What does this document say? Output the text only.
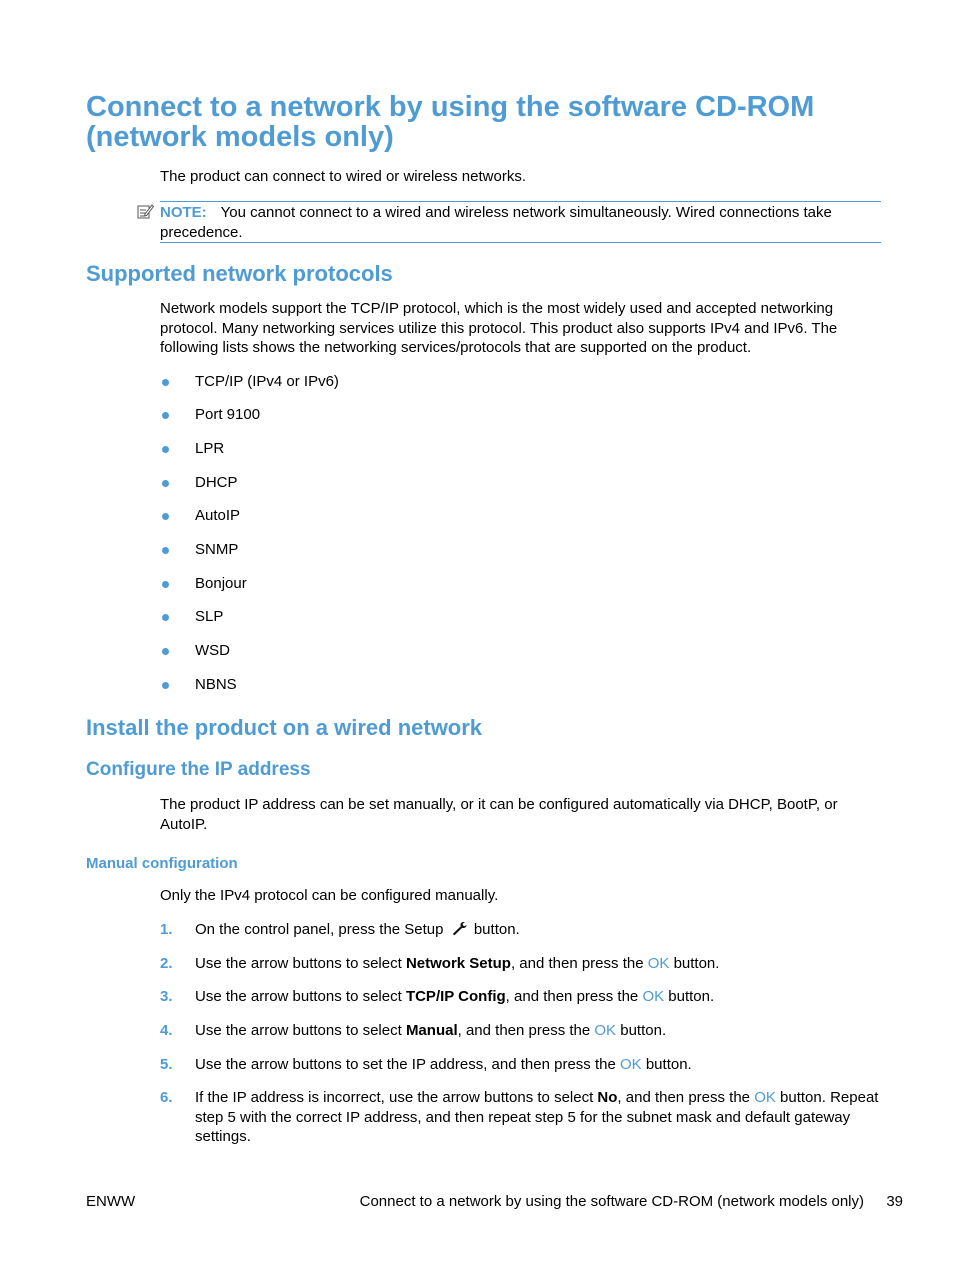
Connect to a network by using the software CD-ROM (network models only)
The product can connect to wired or wireless networks.
NOTE: You cannot connect to a wired and wireless network simultaneously. Wired connections take precedence.
Supported network protocols
Network models support the TCP/IP protocol, which is the most widely used and accepted networking protocol. Many networking services utilize this protocol. This product also supports IPv4 and IPv6. The following lists shows the networking services/protocols that are supported on the product.
TCP/IP (IPv4 or IPv6)
Port 9100
LPR
DHCP
AutoIP
SNMP
Bonjour
SLP
WSD
NBNS
Install the product on a wired network
Configure the IP address
The product IP address can be set manually, or it can be configured automatically via DHCP, BootP, or AutoIP.
Manual configuration
Only the IPv4 protocol can be configured manually.
1. On the control panel, press the Setup button.
2. Use the arrow buttons to select Network Setup, and then press the OK button.
3. Use the arrow buttons to select TCP/IP Config, and then press the OK button.
4. Use the arrow buttons to select Manual, and then press the OK button.
5. Use the arrow buttons to set the IP address, and then press the OK button.
6. If the IP address is incorrect, use the arrow buttons to select No, and then press the OK button. Repeat step 5 with the correct IP address, and then repeat step 5 for the subnet mask and default gateway settings.
ENWW	Connect to a network by using the software CD-ROM (network models only) 39
